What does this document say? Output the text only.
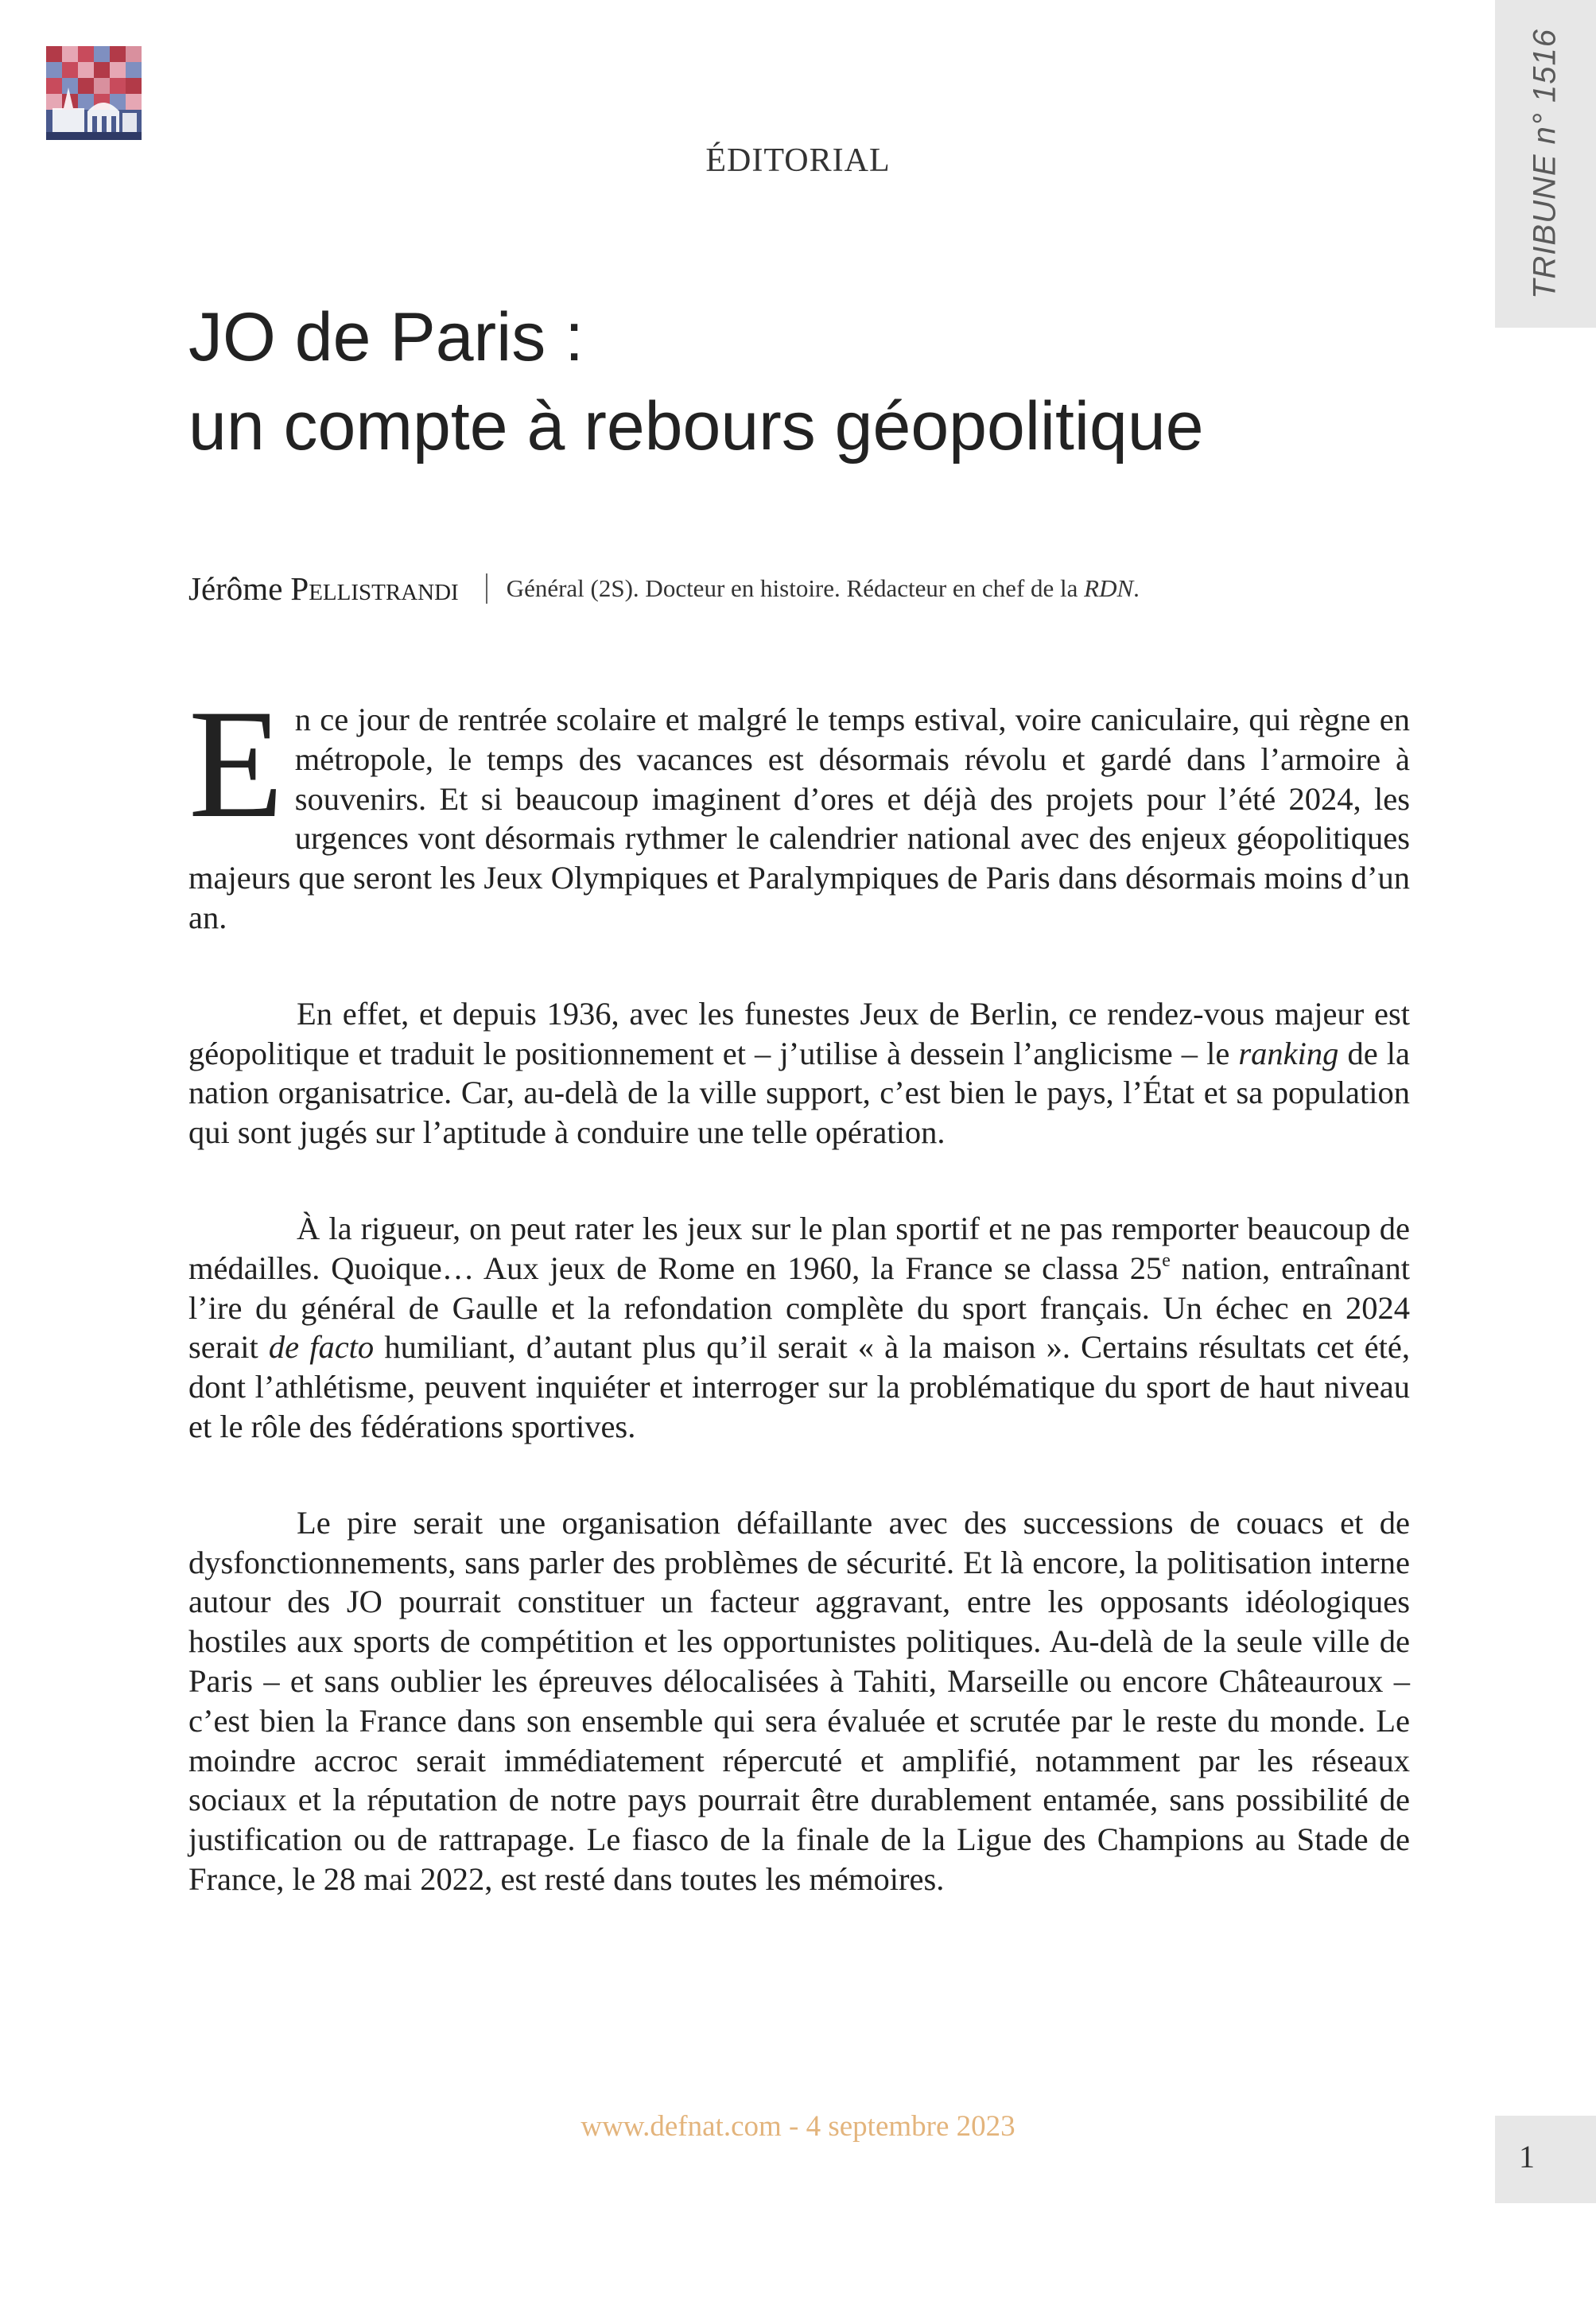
TRIBUNE n° 1516
ÉDITORIAL
JO de Paris :
un compte à rebours géopolitique
Jérôme Pellistrandi Général (2S). Docteur en histoire. Rédacteur en chef de la RDN.

En ce jour de rentrée scolaire et malgré le temps estival, voire caniculaire, qui règne en métropole, le temps des vacances est désormais révolu et gardé dans l’armoire à souvenirs. Et si beaucoup imaginent d’ores et déjà des projets pour l’été 2024, les urgences vont désormais rythmer le calendrier national avec des enjeux géopolitiques majeurs que seront les Jeux Olympiques et Paralympiques de Paris dans désormais moins d’un an.

En effet, et depuis 1936, avec les funestes Jeux de Berlin, ce rendez-vous majeur est géopolitique et traduit le positionnement et – j’utilise à dessein l’anglicisme – le ranking de la nation organisatrice. Car, au-delà de la ville support, c’est bien le pays, l’État et sa population qui sont jugés sur l’aptitude à conduire une telle opération.

À la rigueur, on peut rater les jeux sur le plan sportif et ne pas remporter beaucoup de médailles. Quoique… Aux jeux de Rome en 1960, la France se classa 25e nation, entraînant l’ire du général de Gaulle et la refondation complète du sport français. Un échec en 2024 serait de facto humiliant, d’autant plus qu’il serait « à la maison ». Certains résultats cet été, dont l’athlétisme, peuvent inquiéter et interroger sur la problématique du sport de haut niveau et le rôle des fédérations sportives.

Le pire serait une organisation défaillante avec des successions de couacs et de dysfonctionnements, sans parler des problèmes de sécurité. Et là encore, la politisation interne autour des JO pourrait constituer un facteur aggravant, entre les opposants idéologiques hostiles aux sports de compétition et les opportunistes politiques. Au-delà de la seule ville de Paris – et sans oublier les épreuves délocalisées à Tahiti, Marseille ou encore Châteauroux – c’est bien la France dans son ensemble qui sera évaluée et scrutée par le reste du monde. Le moindre accroc serait immédiatement répercuté et amplifié, notamment par les réseaux sociaux et la réputation de notre pays pourrait être durablement entamée, sans possibilité de justification ou de rattrapage. Le fiasco de la finale de la Ligue des Champions au Stade de France, le 28 mai 2022, est resté dans toutes les mémoires.

www.defnat.com - 4 septembre 2023
1
